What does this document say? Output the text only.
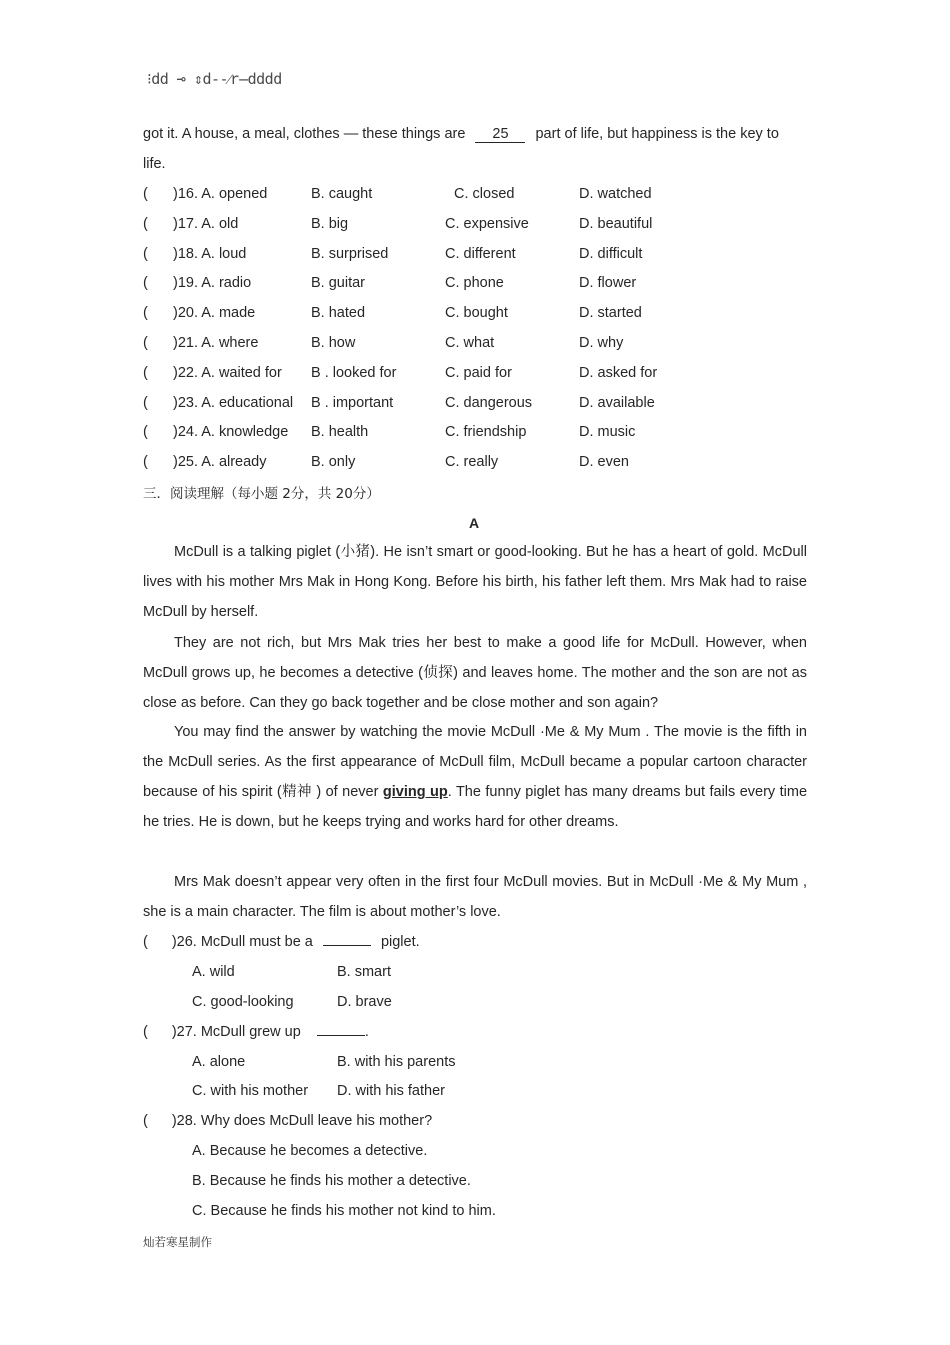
⁝dd ⊸ ⇕d‑‑⁄r̶dddd
got it. A house, a meal, clothes — these things are 25 part of life, but happiness is the key to
life.
( )16. A. opened	B. caught	C. closed	D. watched
( )17. A. old	B. big	C. expensive	D. beautiful
( )18. A. loud	B. surprised	C. different	D. difficult
( )19. A. radio	B. guitar	C. phone	D. flower
( )20. A. made	B. hated	C. bought	D. started
( )21. A. where	B. how	C. what	D. why
( )22. A. waited for B . looked for	C. paid for	D. asked for
( )23. A. educational B . important	C. dangerous	D. available
( )24. A. knowledge B. health	C. friendship	D. music
( )25. A. already	B. only	C. really	D. even
三．阅读理解（每小题 2分，共 20分）
A

McDull is a talking piglet (小猪). He isn’t smart or good-looking. But he has a heart of gold. McDull lives with his mother Mrs Mak in Hong Kong. Before his birth, his father left them. Mrs Mak had to raise McDull by herself.

They are not rich, but Mrs Mak tries her best to make a good life for McDull. However, when McDull grows up, he becomes a detective (侦探) and leaves home. The mother and the son are not as close as before. Can they go back together and be close mother and son again?

You may find the answer by watching the movie McDull ·Me & My Mum . The movie is the fifth in the McDull series. As the first appearance of McDull film, McDull became a popular cartoon character because of his spirit (精神 ) of never giving up. The funny piglet has many dreams but fails every time he tries. He is down, but he keeps trying and works hard for other dreams.

Mrs Mak doesn’t appear very often in the first four McDull movies. But in McDull ·Me & My Mum , she is a main character. The film is about mother’s love.

( )26. McDull must be a	piglet.
A. wild	B. smart
C. good-looking	D. brave
( )27. McDull grew up	.
A. alone	B. with his parents
C. with his mother D. with his father
( )28. Why does McDull leave his mother?
A. Because he becomes a detective.
B. Because he finds his mother a detective.
C. Because he finds his mother not kind to him.
灿若寒星制作
